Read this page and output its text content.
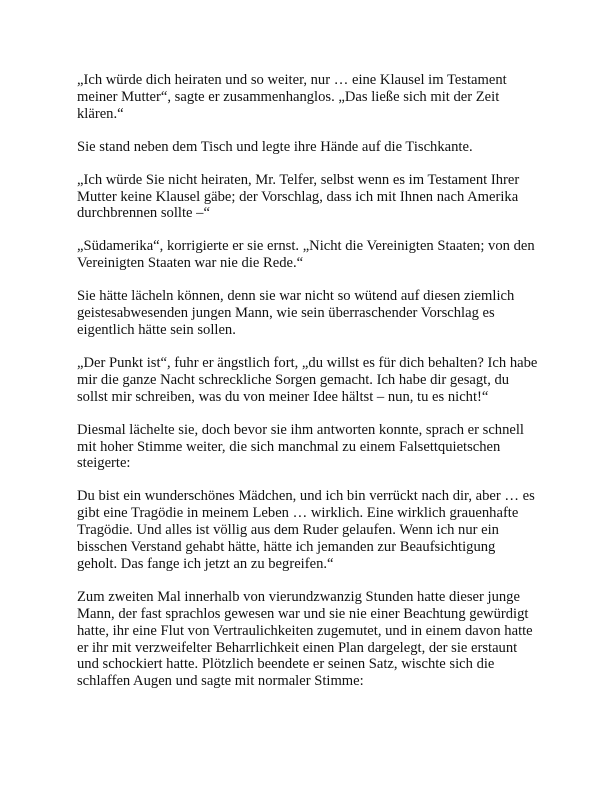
„Ich würde dich heiraten und so weiter, nur … eine Klausel im Testament meiner Mutter“, sagte er zusammenhanglos. „Das ließe sich mit der Zeit klären.“

Sie stand neben dem Tisch und legte ihre Hände auf die Tischkante.

„Ich würde Sie nicht heiraten, Mr. Telfer, selbst wenn es im Testament Ihrer Mutter keine Klausel gäbe; der Vorschlag, dass ich mit Ihnen nach Amerika durchbrennen sollte –“

„Südamerika“, korrigierte er sie ernst. „Nicht die Vereinigten Staaten; von den Vereinigten Staaten war nie die Rede.“

Sie hätte lächeln können, denn sie war nicht so wütend auf diesen ziemlich geistesabwesenden jungen Mann, wie sein überraschender Vorschlag es eigentlich hätte sein sollen.

„Der Punkt ist“, fuhr er ängstlich fort, „du willst es für dich behalten? Ich habe mir die ganze Nacht schreckliche Sorgen gemacht. Ich habe dir gesagt, du sollst mir schreiben, was du von meiner Idee hältst – nun, tu es nicht!“

Diesmal lächelte sie, doch bevor sie ihm antworten konnte, sprach er schnell mit hoher Stimme weiter, die sich manchmal zu einem Falsettquietschen steigerte:

Du bist ein wunderschönes Mädchen, und ich bin verrückt nach dir, aber … es gibt eine Tragödie in meinem Leben … wirklich. Eine wirklich grauenhafte Tragödie. Und alles ist völlig aus dem Ruder gelaufen. Wenn ich nur ein bisschen Verstand gehabt hätte, hätte ich jemanden zur Beaufsichtigung geholt. Das fange ich jetzt an zu begreifen.“

Zum zweiten Mal innerhalb von vierundzwanzig Stunden hatte dieser junge Mann, der fast sprachlos gewesen war und sie nie einer Beachtung gewürdigt hatte, ihr eine Flut von Vertraulichkeiten zugemutet, und in einem davon hatte er ihr mit verzweifelter Beharrlichkeit einen Plan dargelegt, der sie erstaunt und schockiert hatte. Plötzlich beendete er seinen Satz, wischte sich die schlaffen Augen und sagte mit normaler Stimme:
